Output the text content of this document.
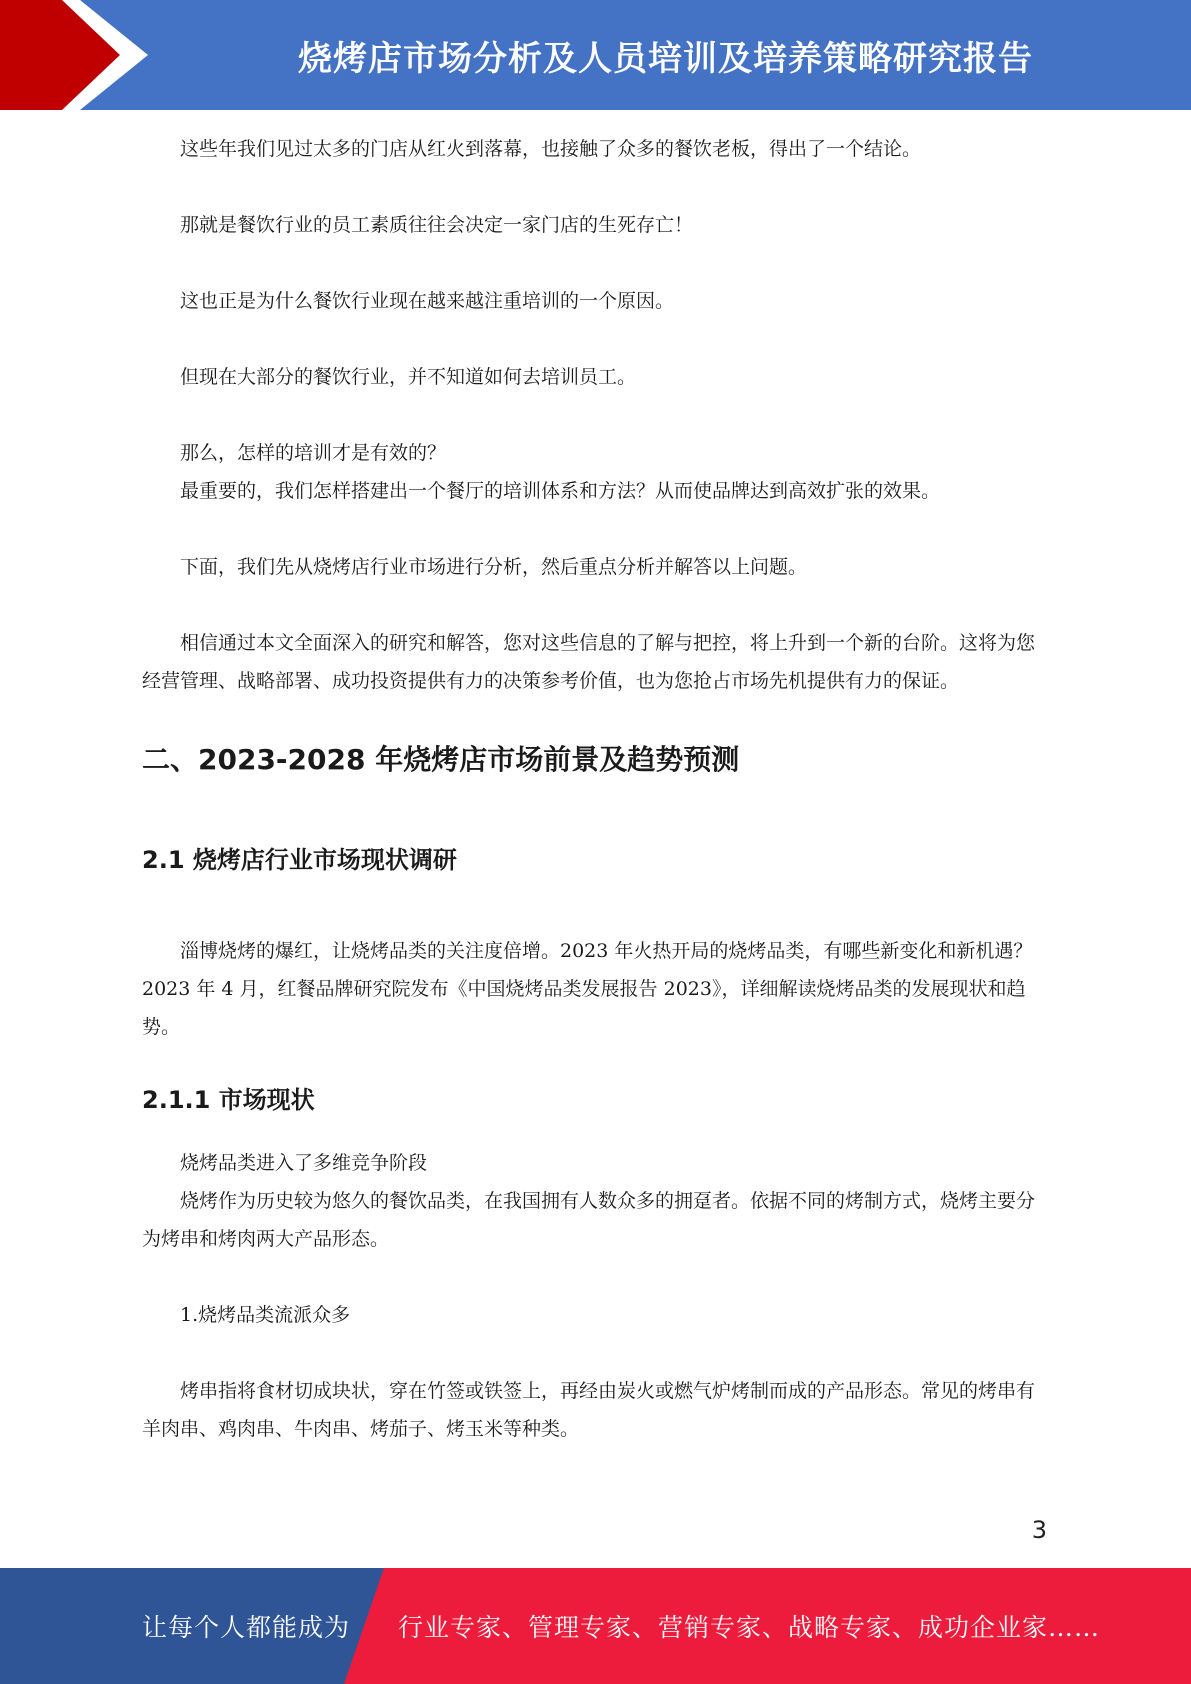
烧烤店市场分析及人员培训及培养策略研究报告

这些年我们见过太多的门店从红火到落幕，也接触了众多的餐饮老板，得出了一个结论。

那就是餐饮行业的员工素质往往会决定一家门店的生死存亡！

这也正是为什么餐饮行业现在越来越注重培训的一个原因。

但现在大部分的餐饮行业，并不知道如何去培训员工。

那么，怎样的培训才是有效的？

最重要的，我们怎样搭建出一个餐厅的培训体系和方法？从而使品牌达到高效扩张的效果。

下面，我们先从烧烤店行业市场进行分析，然后重点分析并解答以上问题。

相信通过本文全面深入的研究和解答，您对这些信息的了解与把控，将上升到一个新的台阶。这将为您经营管理、战略部署、成功投资提供有力的决策参考价值，也为您抢占市场先机提供有力的保证。

二、2023-2028 年烧烤店市场前景及趋势预测
2.1 烧烤店行业市场现状调研

淄博烧烤的爆红，让烧烤品类的关注度倍增。2023 年火热开局的烧烤品类，有哪些新变化和新机遇？2023 年 4 月，红餐品牌研究院发布《中国烧烤品类发展报告 2023》，详细解读烧烤品类的发展现状和趋势。

2.1.1 市场现状

烧烤品类进入了多维竞争阶段

烧烤作为历史较为悠久的餐饮品类，在我国拥有人数众多的拥趸者。依据不同的烤制方式，烧烤主要分为烤串和烤肉两大产品形态。

1.烧烤品类流派众多

烤串指将食材切成块状，穿在竹签或铁签上，再经由炭火或燃气炉烤制而成的产品形态。常见的烤串有羊肉串、鸡肉串、牛肉串、烤茄子、烤玉米等种类。

3
让每个人都能成为 行业专家、管理专家、营销专家、战略专家、成功企业家……
